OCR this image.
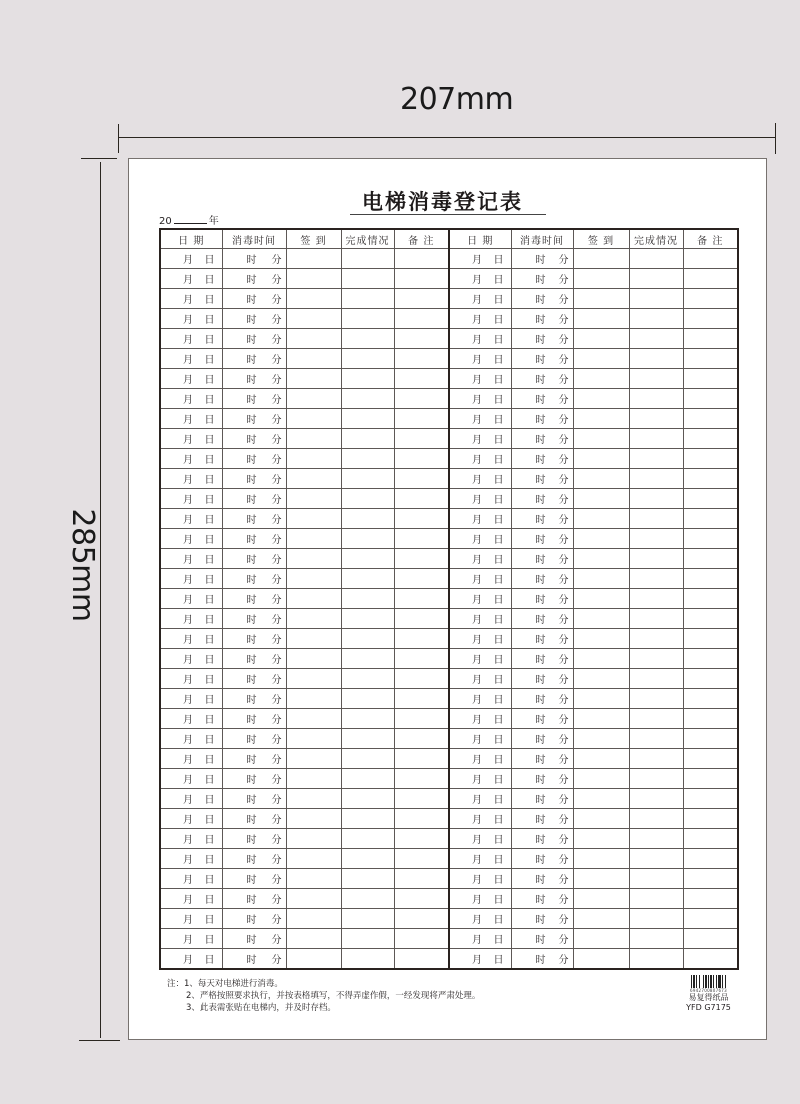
207mm
285mm
电梯消毒登记表
20	年
日 期	消毒时间	签 到	完成情况	备 注	日 期	消毒时间	签 到	完成情况	备 注

月 日	时 分				月 日	时 分			

月 日	时 分				月 日	时 分			

月 日	时 分				月 日	时 分			

月 日	时 分				月 日	时 分			

月 日	时 分				月 日	时 分			

月 日	时 分				月 日	时 分			

月 日	时 分				月 日	时 分			

月 日	时 分				月 日	时 分			

月 日	时 分				月 日	时 分			

月 日	时 分				月 日	时 分			

月 日	时 分				月 日	时 分			

月 日	时 分				月 日	时 分			

月 日	时 分				月 日	时 分			

月 日	时 分				月 日	时 分			

月 日	时 分				月 日	时 分			

月 日	时 分				月 日	时 分			

月 日	时 分				月 日	时 分			

月 日	时 分				月 日	时 分			

月 日	时 分				月 日	时 分			

月 日	时 分				月 日	时 分			

月 日	时 分				月 日	时 分			

月 日	时 分				月 日	时 分			

月 日	时 分				月 日	时 分			

月 日	时 分				月 日	时 分			

月 日	时 分				月 日	时 分			

月 日	时 分				月 日	时 分			

月 日	时 分				月 日	时 分			

月 日	时 分				月 日	时 分			

月 日	时 分				月 日	时 分			

月 日	时 分				月 日	时 分			

月 日	时 分				月 日	时 分			

月 日	时 分				月 日	时 分			

月 日	时 分				月 日	时 分			

月 日	时 分				月 日	时 分			

月 日	时 分				月 日	时 分			

月 日	时 分				月 日	时 分			

注：1、每天对电梯进行消毒。
2、严格按照要求执行，并按表格填写，不得弄虚作假，一经发现将严肃处理。
3、此表需张贴在电梯内，并及时存档。
6942700807673
易复得纸品
YFD G7175
